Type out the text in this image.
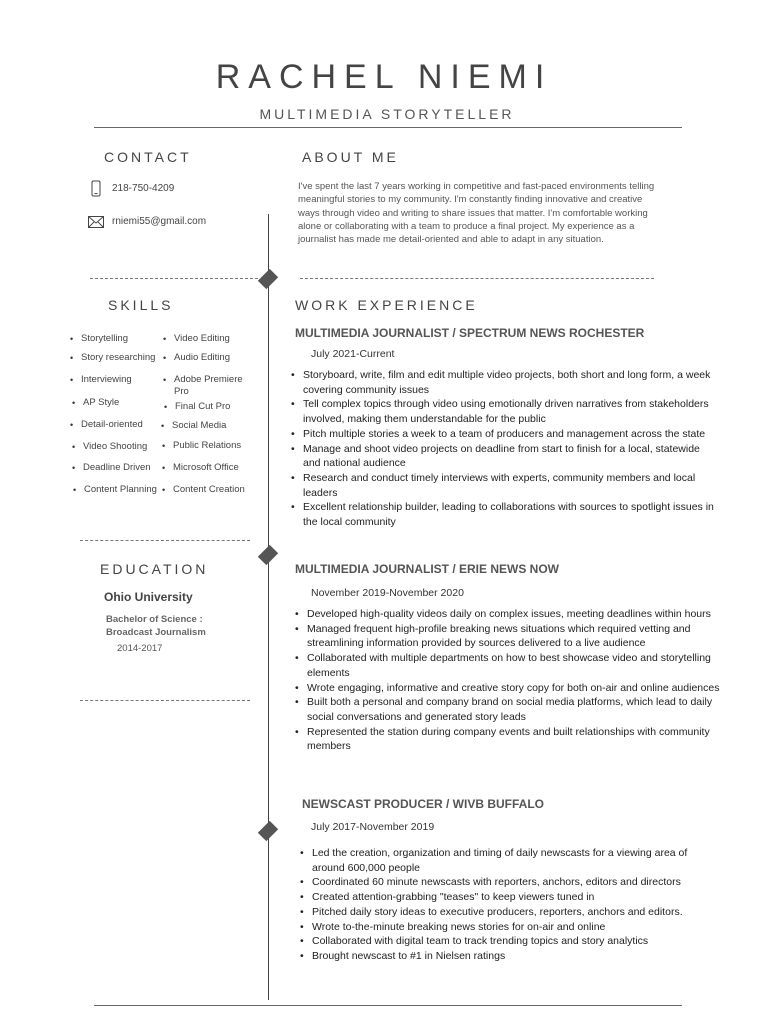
RACHEL NIEMI
MULTIMEDIA STORYTELLER
CONTACT
218-750-4209
rniemi55@gmail.com
ABOUT ME
I've spent the last 7 years working in competitive and fast-paced environments telling meaningful stories to my community. I'm constantly finding innovative and creative ways through video and writing to share issues that matter. I'm comfortable working alone or collaborating with a team to produce a final project. My experience as a journalist has made me detail-oriented and able to adapt in any situation.
SKILLS
• Storytelling
• Story researching
• Interviewing
• AP Style
• Detail-oriented
• Video Shooting
• Deadline Driven
• Content Planning
• Video Editing
• Audio Editing
• Adobe Premiere Pro
• Final Cut Pro
• Social Media
• Public Relations
• Microsoft Office
• Content Creation
EDUCATION
Ohio University
Bachelor of Science :
Broadcast Journalism
2014-2017
WORK EXPERIENCE
MULTIMEDIA JOURNALIST / SPECTRUM NEWS ROCHESTER
July 2021-Current
• Storyboard, write, film and edit multiple video projects, both short and long form, a week covering community issues
• Tell complex topics through video using emotionally driven narratives from stakeholders involved, making them understandable for the public
• Pitch multiple stories a week to a team of producers and management across the state
• Manage and shoot video projects on deadline from start to finish for a local, statewide and national audience
• Research and conduct timely interviews with experts, community members and local leaders
• Excellent relationship builder, leading to collaborations with sources to spotlight issues in the local community
MULTIMEDIA JOURNALIST / ERIE NEWS NOW
November 2019-November 2020
• Developed high-quality videos daily on complex issues, meeting deadlines within hours
• Managed frequent high-profile breaking news situations which required vetting and streamlining information provided by sources delivered to a live audience
• Collaborated with multiple departments on how to best showcase video and storytelling elements
• Wrote engaging, informative and creative story copy for both on-air and online audiences
• Built both a personal and company brand on social media platforms, which lead to daily social conversations and generated story leads
• Represented the station during company events and built relationships with community members
NEWSCAST PRODUCER / WIVB BUFFALO
July 2017-November 2019
• Led the creation, organization and timing of daily newscasts for a viewing area of around 600,000 people
• Coordinated 60 minute newscasts with reporters, anchors, editors and directors
• Created attention-grabbing "teases" to keep viewers tuned in
• Pitched daily story ideas to executive producers, reporters, anchors and editors.
• Wrote to-the-minute breaking news stories for on-air and online
• Collaborated with digital team to track trending topics and story analytics
• Brought newscast to #1 in Nielsen ratings
